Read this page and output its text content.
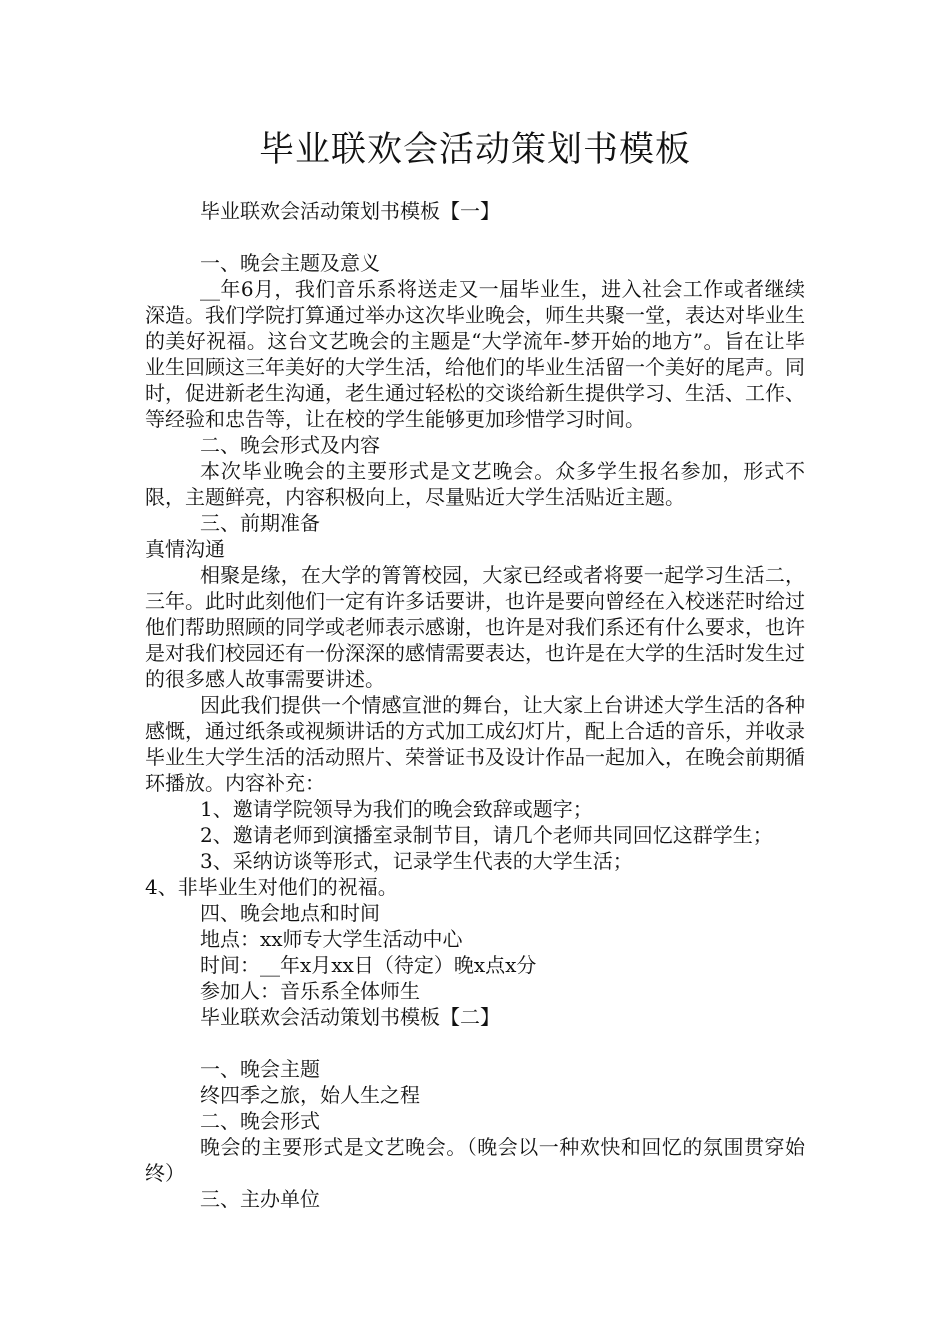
毕业联欢会活动策划书模板

毕业联欢会活动策划书模板【一】

一、晚会主题及意义

__年6月，我们音乐系将送走又一届毕业生，进入社会工作或者继续深造。我们学院打算通过举办这次毕业晚会，师生共聚一堂，表达对毕业生的美好祝福。这台文艺晚会的主题是“大学流年-梦开始的地方”。旨在让毕业生回顾这三年美好的大学生活，给他们的毕业生活留一个美好的尾声。同时，促进新老生沟通，老生通过轻松的交谈给新生提供学习、生活、工作、等经验和忠告等，让在校的学生能够更加珍惜学习时间。

二、晚会形式及内容

本次毕业晚会的主要形式是文艺晚会。众多学生报名参加，形式不限，主题鲜亮，内容积极向上，尽量贴近大学生活贴近主题。

三、前期准备

真情沟通

相聚是缘，在大学的箐箐校园，大家已经或者将要一起学习生活二，三年。此时此刻他们一定有许多话要讲，也许是要向曾经在入校迷茫时给过他们帮助照顾的同学或老师表示感谢，也许是对我们系还有什么要求，也许是对我们校园还有一份深深的感情需要表达，也许是在大学的生活时发生过的很多感人故事需要讲述。

因此我们提供一个情感宣泄的舞台，让大家上台讲述大学生活的各种感慨，通过纸条或视频讲话的方式加工成幻灯片，配上合适的音乐，并收录毕业生大学生活的活动照片、荣誉证书及设计作品一起加入，在晚会前期循环播放。内容补充：

1、邀请学院领导为我们的晚会致辞或题字；

2、邀请老师到演播室录制节目，请几个老师共同回忆这群学生；

3、采纳访谈等形式，记录学生代表的大学生活；

4、非毕业生对他们的祝福。

四、晚会地点和时间

地点：xx师专大学生活动中心

时间：__年x月xx日（待定）晚x点x分

参加人：音乐系全体师生

毕业联欢会活动策划书模板【二】

一、晚会主题

终四季之旅，始人生之程

二、晚会形式

晚会的主要形式是文艺晚会。（晚会以一种欢快和回忆的氛围贯穿始终）

三、主办单位
